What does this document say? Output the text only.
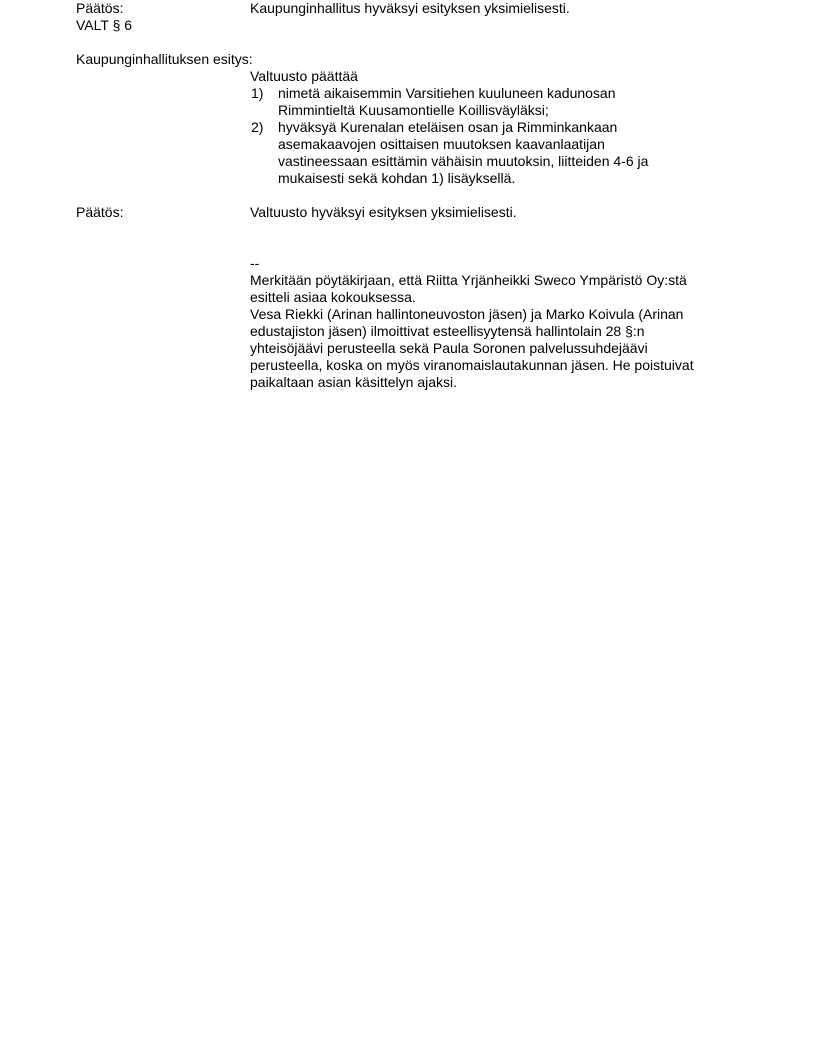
Päätös:	Kaupunginhallitus hyväksyi esityksen yksimielisesti.

VALT § 6

Kaupunginhallituksen esitys:

Valtuusto päättää

1) nimetä aikaisemmin Varsitiehen kuuluneen kadunosan

Rimmintieltä Kuusamontielle Koillisväyläksi;

2) hyväksyä Kurenalan eteläisen osan ja Rimminkankaan

asemakaavojen osittaisen muutoksen kaavanlaatijan

vastineessaan esittämin vähäisin muutoksin, liitteiden 4-6 ja

mukaisesti sekä kohdan 1) lisäyksellä.

Päätös:	Valtuusto hyväksyi esityksen yksimielisesti.

--

Merkitään pöytäkirjaan, että Riitta Yrjänheikki Sweco Ympäristö Oy:stä

esitteli asiaa kokouksessa.

Vesa Riekki (Arinan hallintoneuvoston jäsen) ja Marko Koivula (Arinan

edustajiston jäsen) ilmoittivat esteellisyytensä hallintolain 28 §:n

yhteisöjäävi perusteella sekä Paula Soronen palvelussuhdejäävi

perusteella, koska on myös viranomaislautakunnan jäsen. He poistuivat

paikaltaan asian käsittelyn ajaksi.
